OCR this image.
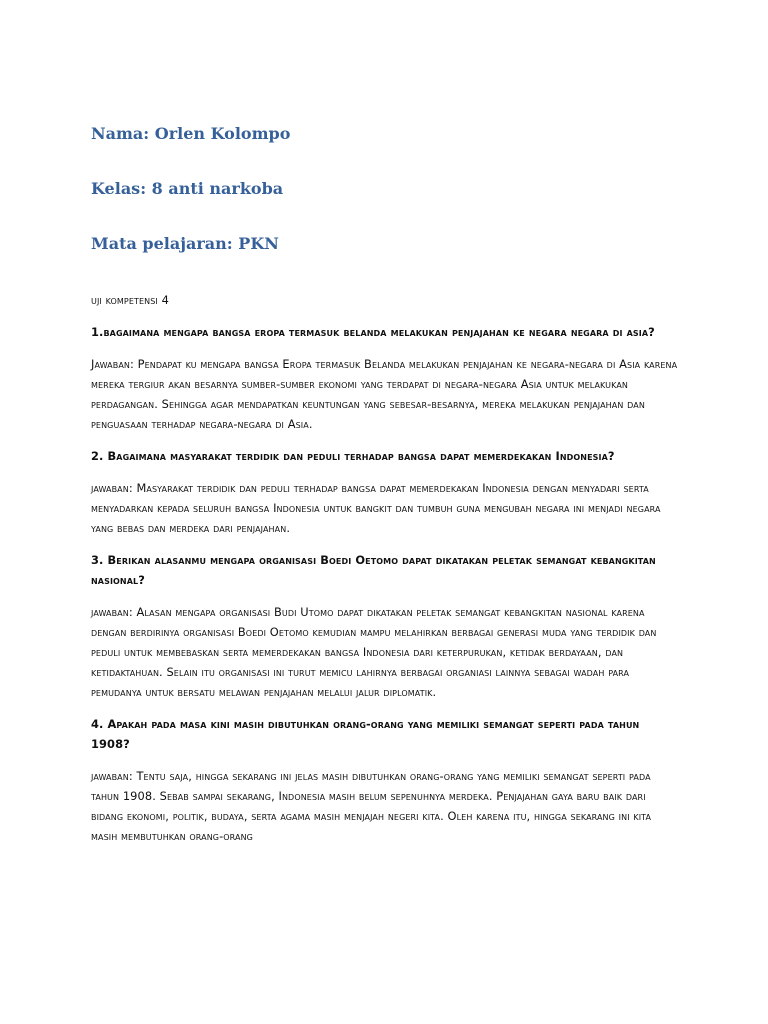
Nama: Orlen Kolompo
Kelas: 8 anti narkoba
Mata pelajaran: PKN

uji kompetensi 4

1.bagaimana mengapa bangsa eropa termasuk belanda melakukan penjajahan ke negara negara di asia?

Jawaban: Pendapat ku mengapa bangsa Eropa termasuk Belanda melakukan penjajahan ke negara-negara di Asia karena mereka tergiur akan besarnya sumber-sumber ekonomi yang terdapat di negara-negara Asia untuk melakukan perdagangan. Sehingga agar mendapatkan keuntungan yang sebesar-besarnya, mereka melakukan penjajahan dan penguasaan terhadap negara-negara di Asia.

2. Bagaimana masyarakat terdidik dan peduli terhadap bangsa dapat memerdekakan Indonesia?

jawaban: Masyarakat terdidik dan peduli terhadap bangsa dapat memerdekakan Indonesia dengan menyadari serta menyadarkan kepada seluruh bangsa Indonesia untuk bangkit dan tumbuh guna mengubah negara ini menjadi negara yang bebas dan merdeka dari penjajahan.

3. Berikan alasanmu mengapa organisasi Boedi Oetomo dapat dikatakan peletak semangat kebangkitan nasional?

jawaban: Alasan mengapa organisasi Budi Utomo dapat dikatakan peletak semangat kebangkitan nasional karena dengan berdirinya organisasi Boedi Oetomo kemudian mampu melahirkan berbagai generasi muda yang terdidik dan peduli untuk membebaskan serta memerdekakan bangsa Indonesia dari keterpurukan, ketidak berdayaan, dan ketidaktahuan. Selain itu organisasi ini turut memicu lahirnya berbagai organiasi lainnya sebagai wadah para pemudanya untuk bersatu melawan penjajahan melalui jalur diplomatik.

4. Apakah pada masa kini masih dibutuhkan orang-orang yang memiliki semangat seperti pada tahun 1908?

jawaban: Tentu saja, hingga sekarang ini jelas masih dibutuhkan orang-orang yang memiliki semangat seperti pada tahun 1908. Sebab sampai sekarang, Indonesia masih belum sepenuhnya merdeka. Penjajahan gaya baru baik dari bidang ekonomi, politik, budaya, serta agama masih menjajah negeri kita. Oleh karena itu, hingga sekarang ini kita masih membutuhkan orang-orang
